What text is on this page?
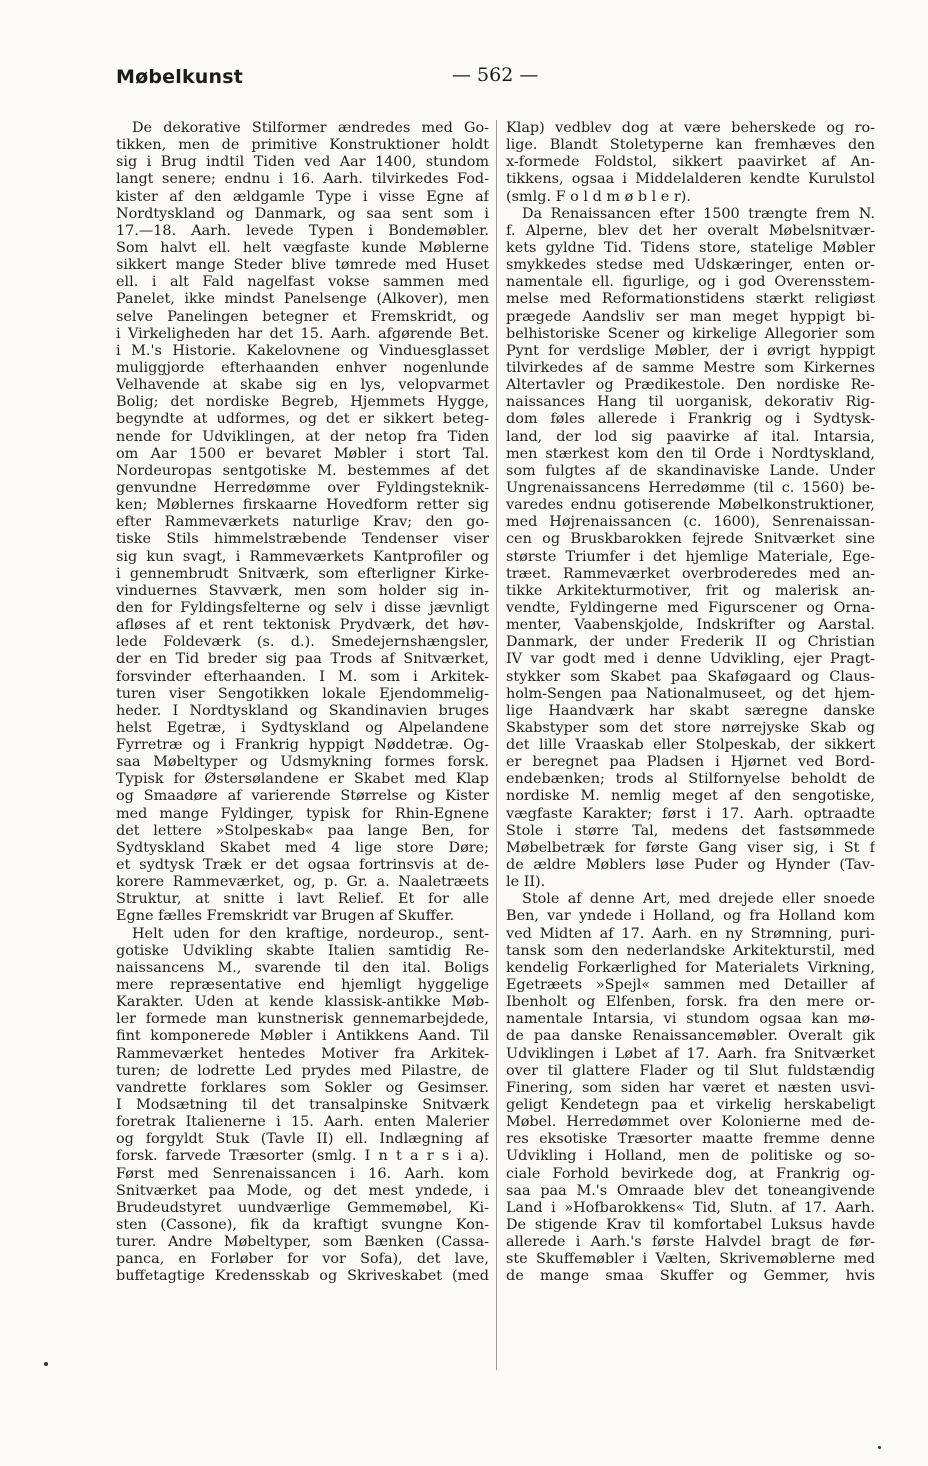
Møbelkunst	— 562 —
De dekorative Stilformer ændredes med Go-
tikken, men de primitive Konstruktioner holdt
sig i Brug indtil Tiden ved Aar 1400, stundom
langt senere; endnu i 16. Aarh. tilvirkedes Fod-
kister af den ældgamle Type i visse Egne af
Nordtyskland og Danmark, og saa sent som i
17.—18. Aarh. levede Typen i Bondemøbler.
Som halvt ell. helt vægfaste kunde Møblerne
sikkert mange Steder blive tømrede med Huset
ell. i alt Fald nagelfast vokse sammen med
Panelet, ikke mindst Panelsenge (Alkover), men
selve Panelingen betegner et Fremskridt, og
i Virkeligheden har det 15. Aarh. afgørende Bet.
i M.'s Historie. Kakelovnene og Vinduesglasset
muliggjorde efterhaanden enhver nogenlunde
Velhavende at skabe sig en lys, velopvarmet
Bolig; det nordiske Begreb, Hjemmets Hygge,
begyndte at udformes, og det er sikkert beteg-
nende for Udviklingen, at der netop fra Tiden
om Aar 1500 er bevaret Møbler i stort Tal.
Nordeuropas sentgotiske M. bestemmes af det
genvundne Herredømme over Fyldingsteknik-
ken; Møblernes firskaarne Hovedform retter sig
efter Rammeværkets naturlige Krav; den go-
tiske Stils himmelstræbende Tendenser viser
sig kun svagt, i Rammeværkets Kantprofiler og
i gennembrudt Snitværk, som efterligner Kirke-
vinduernes Stavværk, men som holder sig in-
den for Fyldingsfelterne og selv i disse jævnligt
afløses af et rent tektonisk Prydværk, det høv-
lede Foldeværk (s. d.). Smedejernshængsler,
der en Tid breder sig paa Trods af Snitværket,
forsvinder efterhaanden. I M. som i Arkitek-
turen viser Sengotikken lokale Ejendommelig-
heder. I Nordtyskland og Skandinavien bruges
helst Egetræ, i Sydtyskland og Alpelandene
Fyrretræ og i Frankrig hyppigt Nøddetræ. Og-
saa Møbeltyper og Udsmykning formes forsk.
Typisk for Østersølandene er Skabet med Klap
og Smaadøre af varierende Størrelse og Kister
med mange Fyldinger, typisk for Rhin-Egnene
det lettere »Stolpeskab« paa lange Ben, for
Sydtyskland Skabet med 4 lige store Døre;
et sydtysk Træk er det ogsaa fortrinsvis at de-
korere Rammeværket, og, p. Gr. a. Naaletræets
Struktur, at snitte i lavt Relief. Et for alle
Egne fælles Fremskridt var Brugen af Skuffer.
Helt uden for den kraftige, nordeurop., sent-
gotiske Udvikling skabte Italien samtidig Re-
naissancens M., svarende til den ital. Boligs
mere repræsentative end hjemligt hyggelige
Karakter. Uden at kende klassisk-antikke Møb-
ler formede man kunstnerisk gennemarbejdede,
fint komponerede Møbler i Antikkens Aand. Til
Rammeværket hentedes Motiver fra Arkitek-
turen; de lodrette Led prydes med Pilastre, de
vandrette forklares som Sokler og Gesimser.
I Modsætning til det transalpinske Snitværk
foretrak Italienerne i 15. Aarh. enten Malerier
og forgyldt Stuk (Tavle II) ell. Indlægning af
forsk. farvede Træsorter (smlg. I n t a r s i a).
Først med Senrenaissancen i 16. Aarh. kom
Snitværket paa Mode, og det mest yndede, i
Brudeudstyret uundværlige Gemmemøbel, Ki-
sten (Cassone), fik da kraftigt svungne Kon-
turer. Andre Møbeltyper, som Bænken (Cassa-
panca, en Forløber for vor Sofa), det lave,
buffetagtige Kredensskab og Skriveskabet (med
Klap) vedblev dog at være beherskede og ro-
lige. Blandt Stoletyperne kan fremhæves den
x-formede Foldstol, sikkert paavirket af An-
tikkens, ogsaa i Middelalderen kendte Kurulstol
(smlg. F o l d m ø b l e r).
Da Renaissancen efter 1500 trængte frem N.
f. Alperne, blev det her overalt Møbelsnitvær-
kets gyldne Tid. Tidens store, statelige Møbler
smykkedes stedse med Udskæringer, enten or-
namentale ell. figurlige, og i god Overensstem-
melse med Reformationstidens stærkt religiøst
prægede Aandsliv ser man meget hyppigt bi-
belhistoriske Scener og kirkelige Allegorier som
Pynt for verdslige Møbler, der i øvrigt hyppigt
tilvirkedes af de samme Mestre som Kirkernes
Altertavler og Prædikestole. Den nordiske Re-
naissances Hang til uorganisk, dekorativ Rig-
dom føles allerede i Frankrig og i Sydtysk-
land, der lod sig paavirke af ital. Intarsia,
men stærkest kom den til Orde i Nordtyskland,
som fulgtes af de skandinaviske Lande. Under
Ungrenaissancens Herredømme (til c. 1560) be-
varedes endnu gotiserende Møbelkonstruktioner,
med Højrenaissancen (c. 1600), Senrenaissan-
cen og Bruskbarokken fejrede Snitværket sine
største Triumfer i det hjemlige Materiale, Ege-
træet. Rammeværket overbroderedes med an-
tikke Arkitekturmotiver, frit og malerisk an-
vendte, Fyldingerne med Figurscener og Orna-
menter, Vaabenskjolde, Indskrifter og Aarstal.
Danmark, der under Frederik II og Christian
IV var godt med i denne Udvikling, ejer Pragt-
stykker som Skabet paa Skaføgaard og Claus-
holm-Sengen paa Nationalmuseet, og det hjem-
lige Haandværk har skabt særegne danske
Skabstyper som det store nørrejyske Skab og
det lille Vraaskab eller Stolpeskab, der sikkert
er beregnet paa Pladsen i Hjørnet ved Bord-
endebænken; trods al Stilfornyelse beholdt de
nordiske M. nemlig meget af den sengotiske,
vægfaste Karakter; først i 17. Aarh. optraadte
Stole i større Tal, medens det fastsømmede
Møbelbetræk for første Gang viser sig, i St f
de ældre Møblers løse Puder og Hynder (Tav-
le II).
Stole af denne Art, med drejede eller snoede
Ben, var yndede i Holland, og fra Holland kom
ved Midten af 17. Aarh. en ny Strømning, puri-
tansk som den nederlandske Arkitekturstil, med
kendelig Forkærlighed for Materialets Virkning,
Egetræets »Spejl« sammen med Detailler af
Ibenholt og Elfenben, forsk. fra den mere or-
namentale Intarsia, vi stundom ogsaa kan mø-
de paa danske Renaissancemøbler. Overalt gik
Udviklingen i Løbet af 17. Aarh. fra Snitværket
over til glattere Flader og til Slut fuldstændig
Finering, som siden har været et næsten usvi-
geligt Kendetegn paa et virkelig herskabeligt
Møbel. Herredømmet over Kolonierne med de-
res eksotiske Træsorter maatte fremme denne
Udvikling i Holland, men de politiske og so-
ciale Forhold bevirkede dog, at Frankrig og-
saa paa M.'s Omraade blev det toneangivende
Land i »Hofbarokkens« Tid, Slutn. af 17. Aarh.
De stigende Krav til komfortabel Luksus havde
allerede i Aarh.'s første Halvdel bragt de før-
ste Skuffemøbler i Vælten, Skrivemøblerne med
de mange smaa Skuffer og Gemmer, hvis
